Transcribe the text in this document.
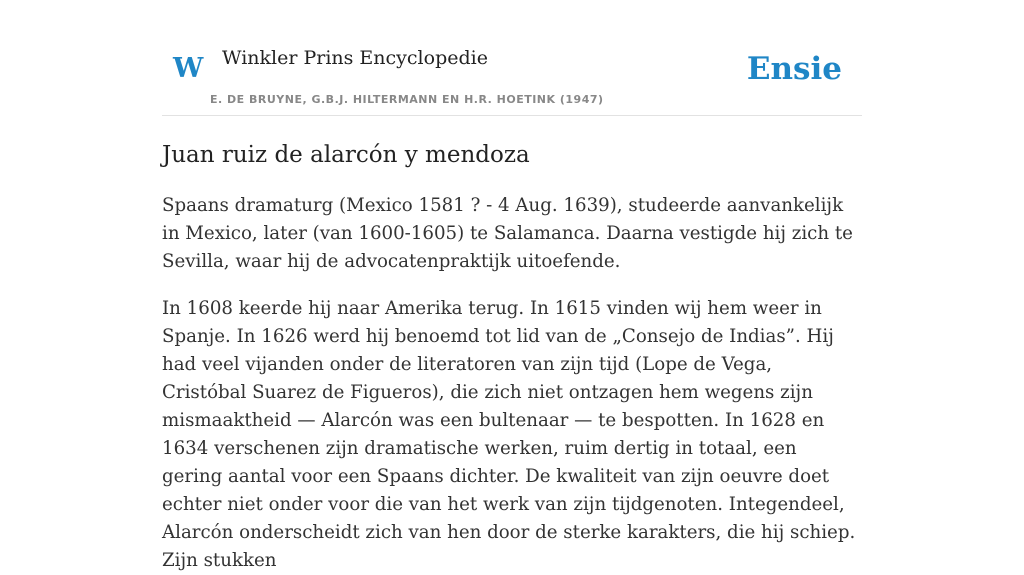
W Winkler Prins Encyclopedie
E. DE BRUYNE, G.B.J. HILTERMANN EN H.R. HOETINK (1947)
Ensie
Juan ruiz de alarcón y mendoza

Spaans dramaturg (Mexico 1581 ? - 4 Aug. 1639), studeerde aanvankelijk in Mexico, later (van 1600-1605) te Salamanca. Daarna vestigde hij zich te Sevilla, waar hij de advocatenpraktijk uitoefende.

In 1608 keerde hij naar Amerika terug. In 1615 vinden wij hem weer in Spanje. In 1626 werd hij benoemd tot lid van de „Consejo de Indias”. Hij had veel vijanden onder de literatoren van zijn tijd (Lope de Vega, Cristóbal Suarez de Figueros), die zich niet ontzagen hem wegens zijn mismaaktheid — Alarcón was een bultenaar — te bespotten. In 1628 en 1634 verschenen zijn dramatische werken, ruim dertig in totaal, een gering aantal voor een Spaans dichter. De kwaliteit van zijn oeuvre doet echter niet onder voor die van het werk van zijn tijdgenoten. Integendeel, Alarcón onderscheidt zich van hen door de sterke karakters, die hij schiep. Zijn stukken
